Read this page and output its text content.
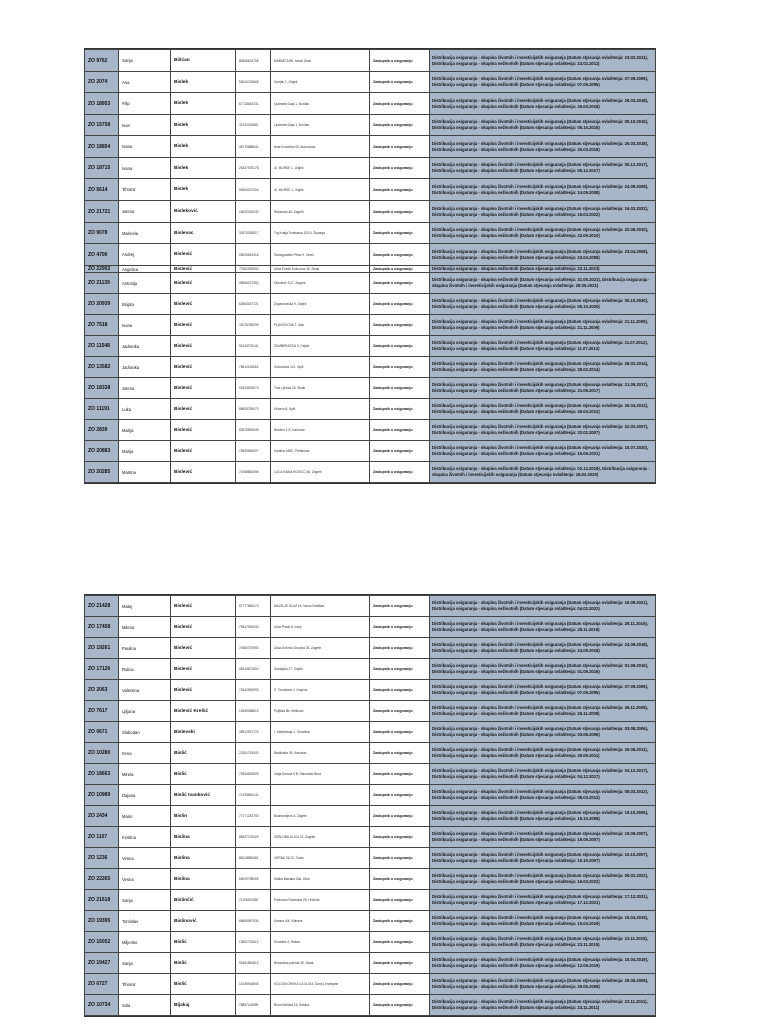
ZO 9762	Sanja	Bišćan	80546615765	MAĐNIČA 88, Ivanić Grad	Zastupnik u osiguranju	Distribucija osiguranja - skupina životnih i investicijskih osiguranja (Datum stjecanja ovlaštenja: 23.02.2011), Distribucija osiguranja - skupina neživotnih (Datum stjecanja ovlaštenja: 23.02.2011)
ZO 2074	Ana	Bislek	53610218665	Gunjak 1, Osijek	Zastupnik u osiguranju	Distribucija osiguranja - skupina životnih i investicijskih osiguranja (Datum stjecanja ovlaštenja: 07.09.2006), Distribucija osiguranja - skupina neživotnih (Datum stjecanja ovlaštenja: 07.09.2006)
ZO 18953	Filip	Bislek	67718615231	Ljudevita Gaja 1, Đurđan	Zastupnik u osiguranju	Distribucija osiguranja - skupina životnih i investicijskih osiguranja (Datum stjecanja ovlaštenja: 26.03.2018), Distribucija osiguranja - skupina neživotnih (Datum stjecanja ovlaštenja: 26.03.2018)
ZO 15758	Ivan	Bislek	32132024881	Ljudevita Gaja 1, Đurđan	Zastupnik u osiguranju	Distribucija osiguranja - skupina životnih i investicijskih osiguranja (Datum stjecanja ovlaštenja: 05.10.2015), Distribucija osiguranja - skupina neživotnih (Datum stjecanja ovlaštenja: 05.10.2015)
ZO 18854	Ivana	Bislek	48779868641	Ante Kovačića 53, Antunovac	Zastupnik u osiguranju	Distribucija osiguranja - skupina životnih i investicijskih osiguranja (Datum stjecanja ovlaštenja: 26.03.2018), Distribucija osiguranja - skupina neživotnih (Datum stjecanja ovlaštenja: 26.03.2018)
ZO 18715	Ivana	Bislek	23437575178	Ul. MURSE 1, Osijek	Zastupnik u osiguranju	Distribucija osiguranja - skupina životnih i investicijskih osiguranja (Datum stjecanja ovlaštenja: 05.12.2017), Distribucija osiguranja - skupina neživotnih (Datum stjecanja ovlaštenja: 05.12.2017)
ZO 5614	Tihomir	Bislek	90654072404	Ul. MURSE 1, Osijek	Zastupnik u osiguranju	Distribucija osiguranja - skupina životnih i investicijskih osiguranja (Datum stjecanja ovlaštenja: 24.09.2008), Distribucija osiguranja - skupina neživotnih (Datum stjecanja ovlaštenja: 24.09.2008)
ZO 21721	Jelena	Bisleković	16032033030	Rakarska 46, Zagreb	Zastupnik u osiguranju	Distribucija osiguranja - skupina životnih i investicijskih osiguranja (Datum stjecanja ovlaštenja: 16.03.2022), Distribucija osiguranja - skupina neživotnih (Datum stjecanja ovlaštenja: 16.03.2022)
ZO 9078	Marinela	Bislevac	32570028517	Trg Kralja Tomislava 12/10, Županja	Zastupnik u osiguranju	Distribucija osiguranja - skupina životnih i investicijskih osiguranja (Datum stjecanja ovlaštenja: 22.09.2010), Distribucija osiguranja - skupina neživotnih (Datum stjecanja ovlaštenja: 22.09.2010)
ZO 4700	Andrej	Bislević	28033815418	Stanogradski Prilaz 9, Vinež	Zastupnik u osiguranju	Distribucija osiguranja - skupina životnih i investicijskih osiguranja (Datum stjecanja ovlaštenja: 23.04.2008), Distribucija osiguranja - skupina neživotnih (Datum stjecanja ovlaštenja: 23.04.2008)
ZO 22902	Angelica	Bislević	77562353950	Ulica Ežede Kulnovoa 45, Sisak	Zastupnik u osiguranju	Distribucija osiguranja - skupina neživotnih (Datum stjecanja ovlaštenja: 22.11.2023)
ZO 21139	Antonija	Bislević	28966217082	Okružnič 31/7, Zagreb	Zastupnik u osiguranju	Distribucija osiguranja - skupina neživotnih (Datum stjecanja ovlaštenja: 31.05.2021), Distribucija osiguranja - skupina životnih i investicijskih osiguranja (Datum stjecanja ovlaštenja: 28.05.2021)
ZO 20939	Brigita	Bislević	62863027721	Županovačka 9, Osijek	Zastupnik u osiguranju	Distribucija osiguranja - skupina životnih i investicijskih osiguranja (Datum stjecanja ovlaštenja: 05.10.2020), Distribucija osiguranja - skupina neživotnih (Datum stjecanja ovlaštenja: 05.10.2020)
ZO 7518	Ivana	Bislević	32076756099	PLAVIĆKOVA 7, Sisk	Zastupnik u osiguranju	Distribucija osiguranja - skupina životnih i investicijskih osiguranja (Datum stjecanja ovlaštenja: 21.11.2009), Distribucija osiguranja - skupina neživotnih (Datum stjecanja ovlaštenja: 21.11.2009)
ZO 11548	Jadranka	Bislević	91516703141	ŽUMBERAČKA 3, Osijek	Zastupnik u osiguranju	Distribucija osiguranja - skupina životnih i investicijskih osiguranja (Datum stjecanja ovlaštenja: 11.07.2012), Distribucija osiguranja - skupina neživotnih (Datum stjecanja ovlaštenja: 11.07.2012)
ZO 13582	Jadranka	Bislević	78610118016	Gotovačka 121, Split	Zastupnik u osiguranju	Distribucija osiguranja - skupina životnih i investicijskih osiguranja (Datum stjecanja ovlaštenja: 28.02.2014), Distribucija osiguranja - skupina neživotnih (Datum stjecanja ovlaštenja: 28.02.2014)
ZO 18338	Jelena	Bislević	92515903073	Trsa Ljevica 20, Sisak	Zastupnik u osiguranju	Distribucija osiguranja - skupina životnih i investicijskih osiguranja (Datum stjecanja ovlaštenja: 21.09.2017), Distribucija osiguranja - skupina neživotnih (Datum stjecanja ovlaštenja: 21.09.2017)
ZO 11191	Luka	Bislević	89628759473	Križeva 8, Split	Zastupnik u osiguranju	Distribucija osiguranja - skupina životnih i investicijskih osiguranja (Datum stjecanja ovlaštenja: 26.04.2012), Distribucija osiguranja - skupina neživotnih (Datum stjecanja ovlaštenja: 26.04.2012)
ZO 2839	Marija	Bislević	53579892549	Belobor 1 B, Karlovac	Zastupnik u osiguranju	Distribucija osiguranja - skupina životnih i investicijskih osiguranja (Datum stjecanja ovlaštenja: 22.02.2007), Distribucija osiguranja - skupina neživotnih (Datum stjecanja ovlaštenja: 22.02.2007)
ZO 20883	Marija	Bislević	79839666097	Kantina 168C, Pleternica	Zastupnik u osiguranju	Distribucija osiguranja - skupina životnih i investicijskih osiguranja (Datum stjecanja ovlaštenja: 15.07.2020), Distribucija osiguranja - skupina neživotnih (Datum stjecanja ovlaštenja: 15.06.2021)
ZO 20285	Martina	Bislević	71558863495	LUCA IVANA ROSICĆ 66, Zagreb	Zastupnik u osiguranju	Distribucija osiguranja - skupina neživotnih (Datum stjecanja ovlaštenja: 02.12.2019), Distribucija osiguranja - skupina životnih i investicijskih osiguranja (Datum stjecanja ovlaštenja: 18.02.2020)
ZO 21428	Matej	Bislević	57777856473	MAJSLJE ULAZ 16, Nova Gradiška	Zastupnik u osiguranju	Distribucija osiguranja - skupina životnih i investicijskih osiguranja (Datum stjecanja ovlaštenja: 16.09.2021), Distribucija osiguranja - skupina neživotnih (Datum stjecanja ovlaštenja: 04.02.2022)
ZO 17458	Milena	Bislević	79537916933	Ulica Potok 8, Ivanj	Zastupnik u osiguranju	Distribucija osiguranja - skupina životnih i investicijskih osiguranja (Datum stjecanja ovlaštenja: 28.11.2016), Distribucija osiguranja - skupina neživotnih (Datum stjecanja ovlaštenja: 28.11.2016)
ZO 19261	Paulina	Bislević	74680757693	Ulica Dubrica Grozića 25, Zagreb	Zastupnik u osiguranju	Distribucija osiguranja - skupina životnih i investicijskih osiguranja (Datum stjecanja ovlaštenja: 24.09.2018), Distribucija osiguranja - skupina neživotnih (Datum stjecanja ovlaštenja: 24.09.2018)
ZO 17126	Rulica	Bislević	08315871690	Savaljska 17, Osijek	Zastupnik u osiguranju	Distribucija osiguranja - skupina životnih i investicijskih osiguranja (Datum stjecanja ovlaštenja: 01.09.2016), Distribucija osiguranja - skupina neživotnih (Datum stjecanja ovlaštenja: 01.09.2016)
ZO 2063	Valentina	Bislević	72642963993	S. Tomislava 4, Krapina	Zastupnik u osiguranju	Distribucija osiguranja - skupina životnih i investicijskih osiguranja (Datum stjecanja ovlaštenja: 07.09.2006), Distribucija osiguranja - skupina neživotnih (Datum stjecanja ovlaštenja: 07.09.2006)
ZO 7617	Ljiljana	Bislević Krešić	13539068815	Poljička 8b, Metković	Zastupnik u osiguranju	Distribucija osiguranja - skupina životnih i investicijskih osiguranja (Datum stjecanja ovlaštenja: 26.11.2009), Distribucija osiguranja - skupina neživotnih (Datum stjecanja ovlaštenja: 26.11.2009)
ZO 0671	Slobodan	Bislevski	39512871723	I. Vladimiraja 1, Virovitica	Zastupnik u osiguranju	Distribucija osiguranja - skupina životnih i investicijskih osiguranja (Datum stjecanja ovlaštenja: 03.08.2006), Distribucija osiguranja - skupina neživotnih (Datum stjecanja ovlaštenja: 03.08.2006)
ZO 10280	Irena	Bislić	22251753000	Baldinaka 39, Karlovac	Zastupnik u osiguranju	Distribucija osiguranja - skupina životnih i investicijskih osiguranja (Datum stjecanja ovlaštenja: 29.05.2011), Distribucija osiguranja - skupina neživotnih (Datum stjecanja ovlaštenja: 29.05.2011)
ZO 18663	Mirela	Bislić	70834815509	Julija Domca 6 B, Slavonski Brod	Zastupnik u osiguranju	Distribucija osiguranja - skupina životnih i investicijskih osiguranja (Datum stjecanja ovlaštenja: 04.12.2017), Distribucija osiguranja - skupina neživotnih (Datum stjecanja ovlaštenja: 04.12.2017)
ZO 10989	Dajana	Bislić Ivanković	71295652141		Zastupnik u osiguranju	Distribucija osiguranja - skupina životnih i investicijskih osiguranja (Datum stjecanja ovlaštenja: 08.03.2012), Distribucija osiguranja - skupina neživotnih (Datum stjecanja ovlaštenja: 08.03.2012)
ZO 2434	Mario	Bislin	77171243700	Budmanijeva 4, Zagreb	Zastupnik u osiguranju	Distribucija osiguranja - skupina životnih i investicijskih osiguranja (Datum stjecanja ovlaštenja: 19.10.2006), Distribucija osiguranja - skupina neživotnih (Datum stjecanja ovlaštenja: 19.10.2006)
ZO 1107	Kristina	Bislina	89637276329	CEBLOBA ULICA 22, Zagreb	Zastupnik u osiguranju	Distribucija osiguranja - skupina životnih i investicijskih osiguranja (Datum stjecanja ovlaštenja: 19.09.2007), Distribucija osiguranja - skupina neživotnih (Datum stjecanja ovlaštenja: 19.09.2007)
ZO 1236	Vesna	Bislina	88118685063	CERNA 31/13, Čazin	Zastupnik u osiguranju	Distribucija osiguranja - skupina životnih i investicijskih osiguranja (Datum stjecanja ovlaštenja: 10.10.2007), Distribucija osiguranja - skupina neživotnih (Datum stjecanja ovlaštenja: 10.10.2007)
ZO 22265	Vesna	Bislina	66029798006	Slatka Mačaka 33a, Otok	Zastupnik u osiguranju	Distribucija osiguranja - skupina životnih i investicijskih osiguranja (Datum stjecanja ovlaštenja: 09.02.2022), Distribucija osiguranja - skupina neživotnih (Datum stjecanja ovlaštenja: 16.03.2022)
ZO 21618	Sanja	Bislinčić	71196293082	Pavlovica Rozmaria 28, Hrvibnic	Zastupnik u osiguranju	Distribucija osiguranja - skupina životnih i investicijskih osiguranja (Datum stjecanja ovlaštenja: 17.12.2021), Distribucija osiguranja - skupina neživotnih (Datum stjecanja ovlaštenja: 17.12.2021)
ZO 19395	Tomislav	Bislinović	68665957934	Kamna 4/4, Vitinaze	Zastupnik u osiguranju	Distribucija osiguranja - skupina životnih i investicijskih osiguranja (Datum stjecanja ovlaštenja: 15.04.2019), Distribucija osiguranja - skupina neživotnih (Datum stjecanja ovlaštenja: 15.04.2019)
ZO 16052	Miljenko	Bislić	13592791812	Senaška 4, Rabac	Zastupnik u osiguranju	Distribucija osiguranja - skupina životnih i investicijskih osiguranja (Datum stjecanja ovlaštenja: 23.11.2015), Distribucija osiguranja - skupina neživotnih (Datum stjecanja ovlaštenja: 23.11.2015)
ZO 19427	Sanja	Bislić	91561851812	Brvonička-polnida 35, Sisak	Zastupnik u osiguranju	Distribucija osiguranja - skupina životnih i investicijskih osiguranja (Datum stjecanja ovlaštenja: 15.04.2019), Distribucija osiguranja - skupina neživotnih (Datum stjecanja ovlaštenja: 12.06.2019)
ZO 6727	Tihomir	Bislić	14239918605	KOLODVORSKA 14.04.014, Donji Lendrijane	Zastupnik u osiguranju	Distribucija osiguranja - skupina životnih i investicijskih osiguranja (Datum stjecanja ovlaštenja: 29.05.2009), Distribucija osiguranja - skupina neživotnih (Datum stjecanja ovlaštenja: 29.05.2009)
ZO 10734	Sola	Bljakaj	78887116995	Bruno Bušića 15, Rašina	Zastupnik u osiguranju	Distribucija osiguranja - skupina životnih i investicijskih osiguranja (Datum stjecanja ovlaštenja: 23.11.2011), Distribucija osiguranja - skupina neživotnih (Datum stjecanja ovlaštenja: 23.11.2011)
